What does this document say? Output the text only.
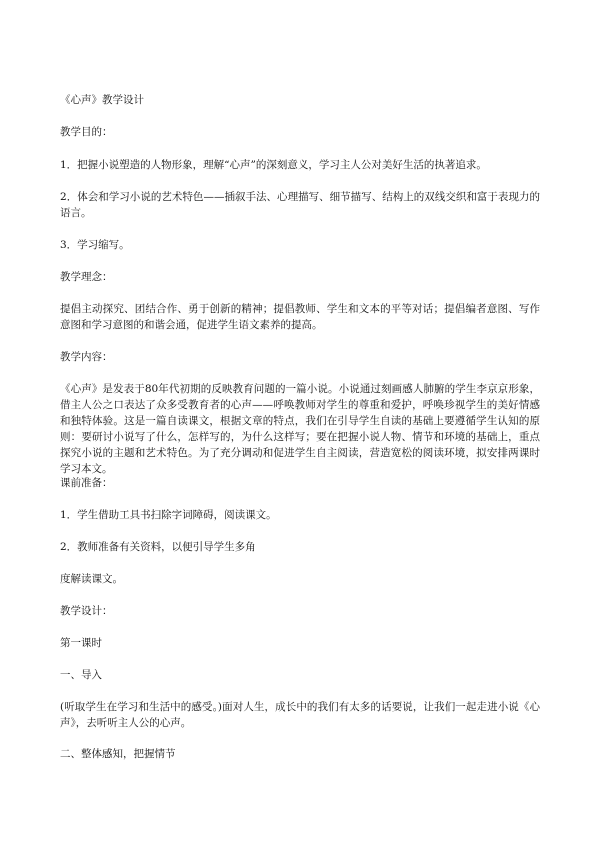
《心声》教学设计

教学目的：

1．把握小说塑造的人物形象，理解“心声”的深刻意义，学习主人公对美好生活的执著追求。

2．体会和学习小说的艺术特色——插叙手法、心理描写、细节描写、结构上的双线交织和富于表现力的语言。

3．学习缩写。

教学理念：

提倡主动探究、团结合作、勇于创新的精神；提倡教师、学生和文本的平等对话；提倡编者意图、写作意图和学习意图的和谐会通，促进学生语文素养的提高。

教学内容：

《心声》是发表于80年代初期的反映教育问题的一篇小说。小说通过刻画感人肺腑的学生李京京形象，借主人公之口表达了众多受教育者的心声——呼唤教师对学生的尊重和爱护，呼唤珍视学生的美好情感和独特体验。这是一篇自读课文，根据文章的特点，我们在引导学生自读的基础上要遵循学生认知的原则：要研讨小说写了什么，怎样写的，为什么这样写；要在把握小说人物、情节和环境的基础上，重点探究小说的主题和艺术特色。为了充分调动和促进学生自主阅读，营造宽松的阅读环境，拟安排两课时学习本文。

课前准备：

1．学生借助工具书扫除字词障碍，阅读课文。

2．教师准备有关资料，以便引导学生多角

度解读课文。

教学设计：

第一课时

一、导入

(听取学生在学习和生活中的感受。)面对人生，成长中的我们有太多的话要说，让我们一起走进小说《心声》，去听听主人公的心声。

二、整体感知，把握情节
